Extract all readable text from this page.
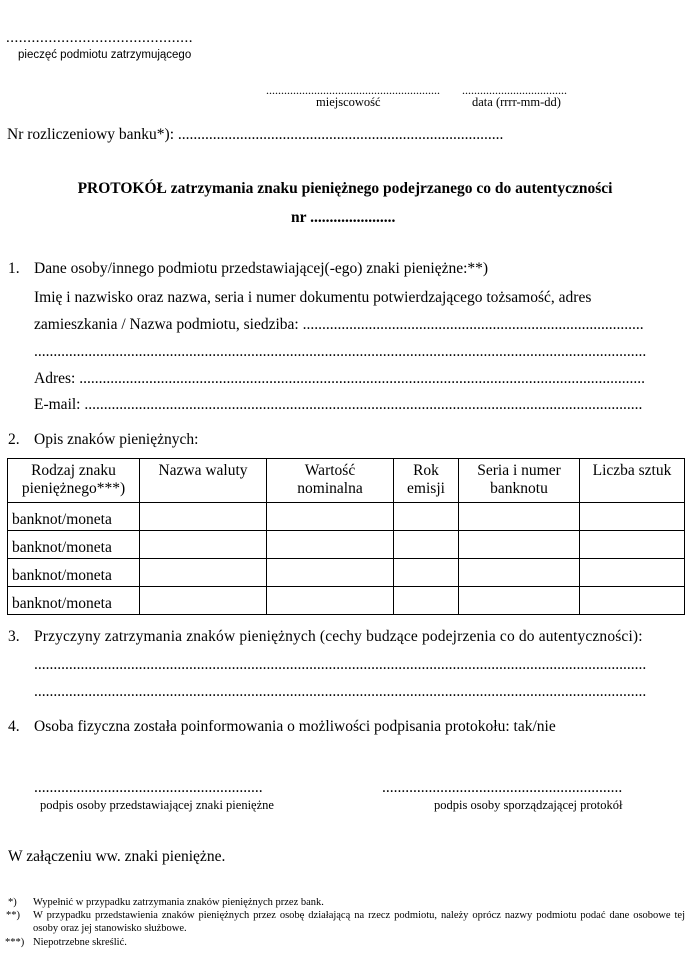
............................................
pieczęć podmiotu zatrzymującego
..........................................................
miejscowość
...................................
data (rrrr-mm-dd)
Nr rozliczeniowy banku*): ....................................................................................
PROTOKÓŁ zatrzymania znaku pieniężnego podejrzanego co do autentyczności
nr ......................
1. Dane osoby/innego podmiotu przedstawiającej(-ego) znaki pieniężne:**)
Imię i nazwisko oraz nazwa, seria i numer dokumentu potwierdzającego tożsamość, adres
zamieszkania / Nazwa podmiotu, siedziba: ........................................................................................
..............................................................................................................................................................
Adres: ..................................................................................................................................................
E-mail: ................................................................................................................................................
2. Opis znaków pieniężnych:
Rodzaj znaku pieniężnego***)	Nazwa waluty	Wartość nominalna	Rok emisji	Seria i numer banknotu	Liczba sztuk
banknot/moneta					
banknot/moneta					
banknot/moneta					
banknot/moneta					
3. Przyczyny zatrzymania znaków pieniężnych (cechy budzące podejrzenia co do autentyczności):
..............................................................................................................................................................
..............................................................................................................................................................
4. Osoba fizyczna została poinformowania o możliwości podpisania protokołu: tak/nie
...........................................................
podpis osoby przedstawiającej znaki pieniężne
..............................................................
podpis osoby sporządzającej protokół
W załączeniu ww. znaki pieniężne.
*) Wypełnić w przypadku zatrzymania znaków pieniężnych przez bank.
**) W przypadku przedstawienia znaków pieniężnych przez osobę działającą na rzecz podmiotu, należy oprócz nazwy podmiotu podać dane osobowe tej osoby oraz jej stanowisko służbowe.
***) Niepotrzebne skreślić.
